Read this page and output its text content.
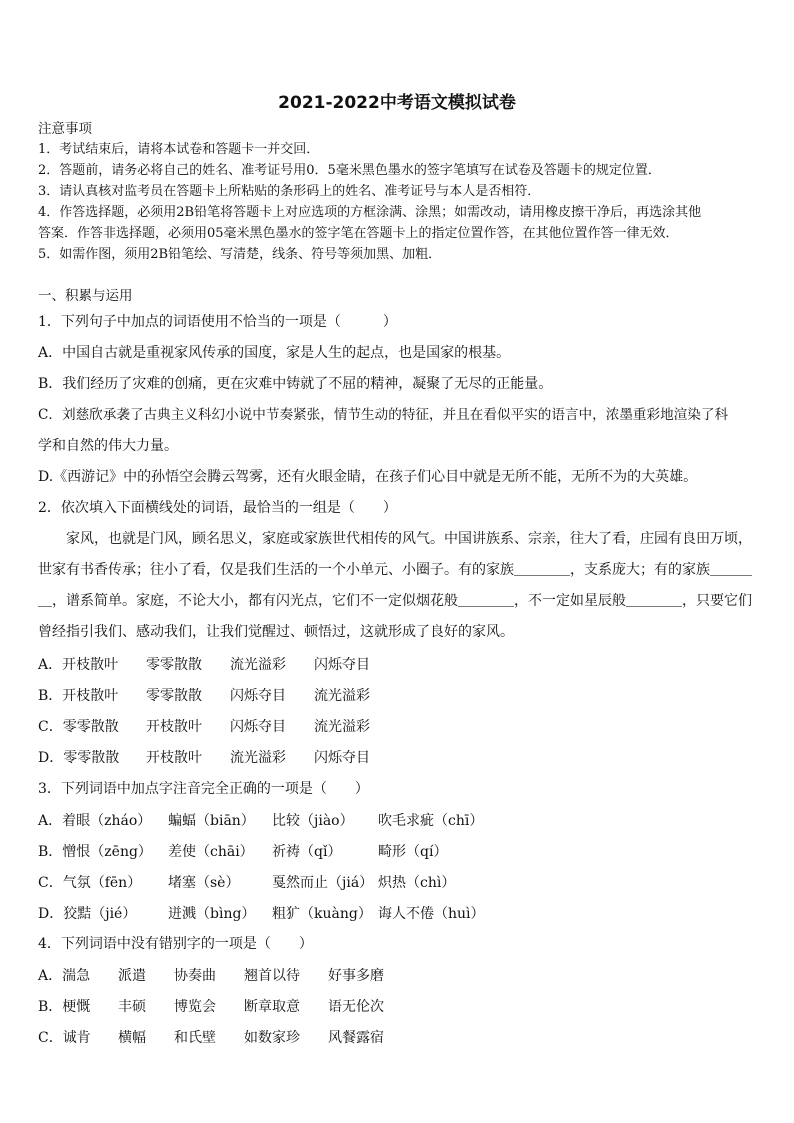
2021-2022中考语文模拟试卷
注意事项
1．考试结束后，请将本试卷和答题卡一并交回．
2．答题前，请务必将自己的姓名、准考证号用0．5毫米黑色墨水的签字笔填写在试卷及答题卡的规定位置．
3．请认真核对监考员在答题卡上所粘贴的条形码上的姓名、准考证号与本人是否相符．
4．作答选择题，必须用2B铅笔将答题卡上对应选项的方框涂满、涂黑；如需改动，请用橡皮擦干净后，再选涂其他
答案．作答非选择题，必须用05毫米黑色墨水的签字笔在答题卡上的指定位置作答，在其他位置作答一律无效．
5．如需作图，须用2B铅笔绘、写清楚，线条、符号等须加黑、加粗．
一、积累与运用
1．下列句子中加点的词语使用不恰当的一项是（　　　）
A．中国自古就是重视家风传承的国度，家是人生的起点，也是国家的根基。
B．我们经历了灾难的创痛，更在灾难中铸就了不屈的精神，凝聚了无尽的正能量。
C．刘慈欣承袭了古典主义科幻小说中节奏紧张，情节生动的特征，并且在看似平实的语言中，浓墨重彩地渲染了科
学和自然的伟大力量。
D.《西游记》中的孙悟空会腾云驾雾，还有火眼金睛，在孩子们心目中就是无所不能，无所不为的大英雄。
2．依次填入下面横线处的词语，最恰当的一组是（　　）
家风，也就是门风，顾名思义，家庭或家族世代相传的风气。中国讲族系、宗亲，往大了看，庄园有良田万顷，世家有书香传承；往小了看，仅是我们生活的一个小单元、小圈子。有的家族＿＿＿＿，支系庞大；有的家族＿＿＿＿，谱系简单。家庭，不论大小，都有闪光点，它们不一定似烟花般＿＿＿＿，不一定如星辰般＿＿＿＿，只要它们曾经指引我们、感动我们，让我们觉醒过、顿悟过，这就形成了良好的家风。
A．开枝散叶 零零散散 流光溢彩 闪烁夺目
B．开枝散叶 零零散散 闪烁夺目 流光溢彩
C．零零散散 开枝散叶 闪烁夺目 流光溢彩
D．零零散散 开枝散叶 流光溢彩 闪烁夺目
3．下列词语中加点字注音完全正确的一项是（　　）
A．着眼（zháo） 蝙蝠（biān） 比较（jiào） 吹毛求疵（chī）
B．憎恨（zēng） 差使（chāi） 祈祷（qǐ）	畸形（qí）
C．气氛（fēn） 堵塞（sè） 戛然而止（jiá） 炽热（chì）
D．狡黠（jié） 迸溅（bìng） 粗犷（kuàng） 诲人不倦（huì）
4．下列词语中没有错别字的一项是（　　）
A．湍急 派遣 协奏曲 翘首以待 好事多磨
B．梗慨 丰硕 博览会 断章取意 语无伦次
C．诚肯 横幅 和氏壁 如数家珍 风餐露宿
